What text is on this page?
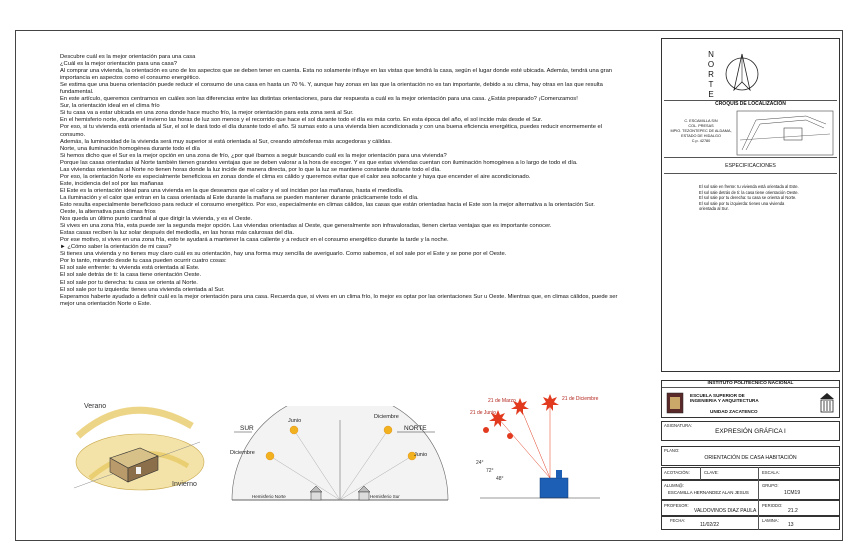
Descubre cuál es la mejor orientación para una casa

¿Cuál es la mejor orientación para una casa?

Al comprar una vivienda, la orientación es uno de los aspectos que se deben tener en cuenta. Esta no solamente influye en las vistas que tendrá la casa, según el lugar donde esté ubicada. Además, tendrá una gran importancia en aspectos como el consumo energético.

Se estima que una buena orientación puede reducir el consumo de una casa en hasta un 70 %. Y, aunque hay zonas en las que la orientación no es tan importante, debido a su clima, hay otras en las que resulta fundamental.

En este artículo, queremos centrarnos en cuáles son las diferencias entre las distintas orientaciones, para dar respuesta a cuál es la mejor orientación para una casa. ¿Estás preparado? ¡Comenzamos!

Sur, la orientación ideal en el clima frío

Si tu casa va a estar ubicada en una zona donde hace mucho frío, la mejor orientación para esta zona será al Sur.

En el hemisferio norte, durante el invierno las horas de luz son menos y el recorrido que hace el sol durante todo el día es más corto. En esta época del año, el sol incide más desde el Sur.

Por eso, si tu vivienda está orientada al Sur, el sol le dará todo el día durante todo el año. Si sumas esto a una vivienda bien acondicionada y con una buena eficiencia energética, puedes reducir enormemente el consumo.

Además, la luminosidad de la vivienda será muy superior si está orientada al Sur, creando atmósferas más acogedoras y cálidas.

Norte, una iluminación homogénea durante todo el día

Si hemos dicho que el Sur es la mejor opción en una zona de frío, ¿por qué íbamos a seguir buscando cuál es la mejor orientación para una vivienda?

Porque las casas orientadas al Norte también tienen grandes ventajas que se deben valorar a la hora de escoger. Y es que estas viviendas cuentan con iluminación homogénea a lo largo de todo el día.

Las viviendas orientadas al Norte no tienen horas donde la luz incide de manera directa, por lo que la luz se mantiene constante durante todo el día.

Por eso, la orientación Norte es especialmente beneficiosa en zonas donde el clima es cálido y queremos evitar que el calor sea sofocante y haya que encender el aire acondicionado.

Este, incidencia del sol por las mañanas

El Este es la orientación ideal para una vivienda en la que deseamos que el calor y el sol incidan por las mañanas, hasta el mediodía.

La iluminación y el calor que entran en la casa orientada al Este durante la mañana se pueden mantener durante prácticamente todo el día.

Esto resulta especialmente beneficioso para reducir el consumo energético. Por eso, especialmente en climas cálidos, las casas que están orientadas hacia el Este son la mejor alternativa a la orientación Sur.

Oeste, la alternativa para climas fríos

Nos queda un último punto cardinal al que dirigir la vivienda, y es el Oeste.

Si vives en una zona fría, esta puede ser la segunda mejor opción. Las viviendas orientadas al Oeste, que generalmente son infravaloradas, tienen ciertas ventajas que es importante conocer.

Estas casas reciben la luz solar después del mediodía, en las horas más calurosas del día.

Por ese motivo, si vives en una zona fría, esto te ayudará a mantener la casa caliente y a reducir en el consumo energético durante la tarde y la noche.

► ¿Cómo saber la orientación de mi casa?

Si tienes una vivienda y no tienes muy claro cuál es su orientación, hay una forma muy sencilla de averiguarlo. Como sabemos, el sol sale por el Este y se pone por el Oeste.

Por lo tanto, mirando desde tu casa pueden ocurrir cuatro cosas:

El sol sale enfrente: tu vivienda está orientada al Este.

El sol sale detrás de ti: la casa tiene orientación Oeste.

El sol sale por tu derecha: tu casa se orienta al Norte.

El sol sale por tu izquierda: tienes una vivienda orientada al Sur.

Esperamos haberte ayudado a definir cuál es la mejor orientación para una casa. Recuerda que, si vives en un clima frío, lo mejor es optar por las orientaciones Sur u Oeste. Mientras que, en climas cálidos, puede ser mejor una orientación Norte o Este.

Verano
Invierno
SUR	NORTE
Junio
Diciembre
Diciembre
Junio
Hemisferio Norte	Hemisferio Sur
21 de Junio
21 de Marzo	21 de Diciembre
24°
72°
48°
N
O
R
T
E
CROQUIS DE LOCALIZACIÓN
C. ESCAMILLA S/N
COL. PRESAS
MPIO. TEZONTEPEC DE ALDAMA,
ESTADO DE HIDALGO
C.p. 42780
ESPECIFICACIONES
El sol sale en frente: tu vivienda está orientada al Este. El sol sale detrás de ti: la casa tiene orientación Oeste. El sol sale por tu derecha: tu casa se orienta al Norte. El sol sale por tu izquierda: tienes una vivienda orientada al Sur.
INSTITUTO POLITECNICO NACIONAL
ESCUELA SUPERIOR DE
INGENIERIA Y ARQUITECTURA
UNIDAD ZACATENCO
ASIGNATURA:
EXPRESIÓN GRÁFICA I
PLANO:
ORIENTACIÓN DE CASA HABITACIÓN
ACOTACIÓN:	CLAVE:	ESCALA:
ALUMN@:
ESCAMILLA HERNANDEZ ALAN JESUS
GRUPO:
1CM19
PROFESOR:
VALDOVINOS DIAZ PAULA
PERIODO:
21.2
FECHA:
11/02/22
LAMINA:
13
